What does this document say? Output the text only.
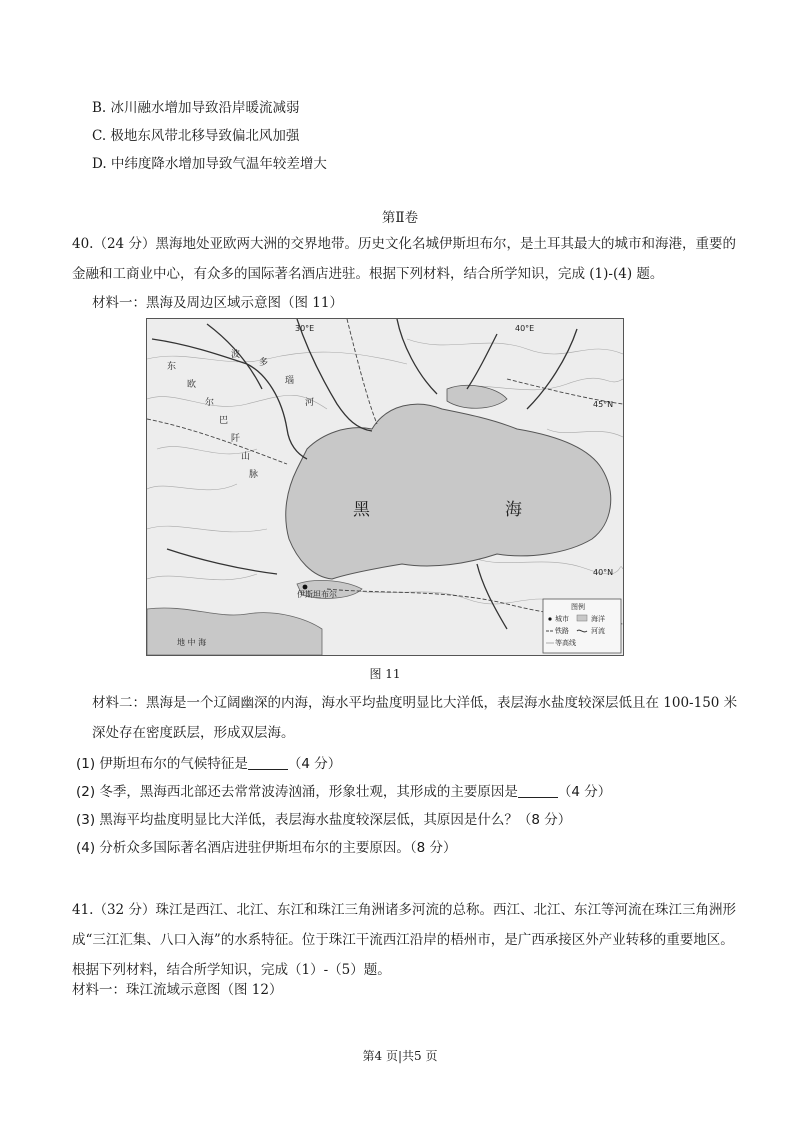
B. 冰川融水增加导致沿岸暖流减弱
C. 极地东风带北移导致偏北风加强
D. 中纬度降水增加导致气温年较差增大
第Ⅱ卷
40.（24 分）黑海地处亚欧两大洲的交界地带。历史文化名城伊斯坦布尔，是土耳其最大的城市和海港，重要的金融和工商业中心，有众多的国际著名酒店进驻。根据下列材料，结合所学知识，完成 (1)-(4) 题。
材料一：黑海及周边区域示意图（图 11）
30°E	40°E
45°N
40°N
黑	海
东
欧
尔
巴
阡
山
脉
波
多
瑙
河
伊斯坦布尔
地 中 海
图例
城市	海洋
铁路	河流
等高线
图 11
材料二：黑海是一个辽阔幽深的内海，海水平均盐度明显比大洋低，表层海水盐度较深层低且在 100-150 米深处存在密度跃层，形成双层海。
(1) 伊斯坦布尔的气候特征是	（4 分）
(2) 冬季，黑海西北部还去常常波涛汹涌，形象壮观，其形成的主要原因是	（4 分）
(3) 黑海平均盐度明显比大洋低，表层海水盐度较深层低，其原因是什么？（8 分）
(4) 分析众多国际著名酒店进驻伊斯坦布尔的主要原因。（8 分）
41.（32 分）珠江是西江、北江、东江和珠江三角洲诸多河流的总称。西江、北江、东江等河流在珠江三角洲形成“三江汇集、八口入海”的水系特征。位于珠江干流西江沿岸的梧州市，是广西承接区外产业转移的重要地区。根据下列材料，结合所学知识，完成（1）-（5）题。
材料一：珠江流域示意图（图 12）
第4 页|共5 页
